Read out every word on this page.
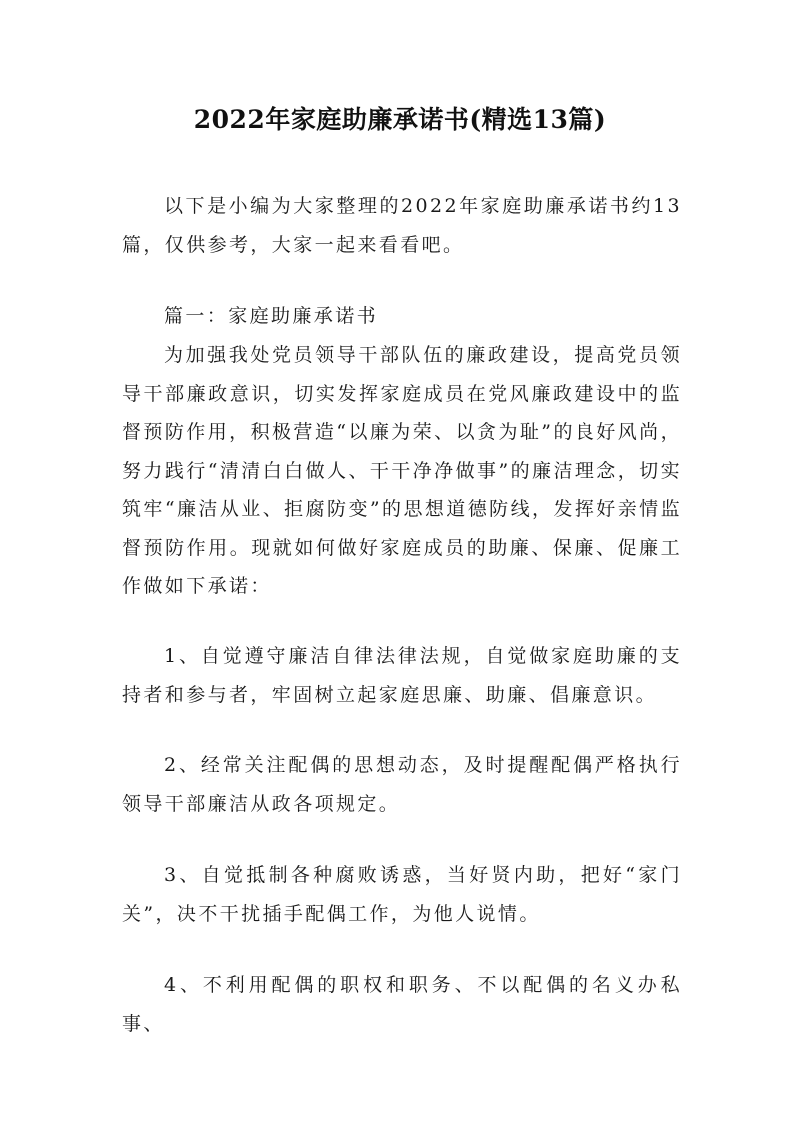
2022年家庭助廉承诺书(精选13篇)

以下是小编为大家整理的2022年家庭助廉承诺书约13篇，仅供参考，大家一起来看看吧。

篇一：家庭助廉承诺书

为加强我处党员领导干部队伍的廉政建设，提高党员领导干部廉政意识，切实发挥家庭成员在党风廉政建设中的监督预防作用，积极营造“以廉为荣、以贪为耻”的良好风尚，努力践行“清清白白做人、干干净净做事”的廉洁理念，切实筑牢“廉洁从业、拒腐防变”的思想道德防线，发挥好亲情监督预防作用。现就如何做好家庭成员的助廉、保廉、促廉工作做如下承诺：

1、自觉遵守廉洁自律法律法规，自觉做家庭助廉的支持者和参与者，牢固树立起家庭思廉、助廉、倡廉意识。

2、经常关注配偶的思想动态，及时提醒配偶严格执行领导干部廉洁从政各项规定。

3、自觉抵制各种腐败诱惑，当好贤内助，把好“家门关”，决不干扰插手配偶工作，为他人说情。

4、不利用配偶的职权和职务、不以配偶的名义办私事、
